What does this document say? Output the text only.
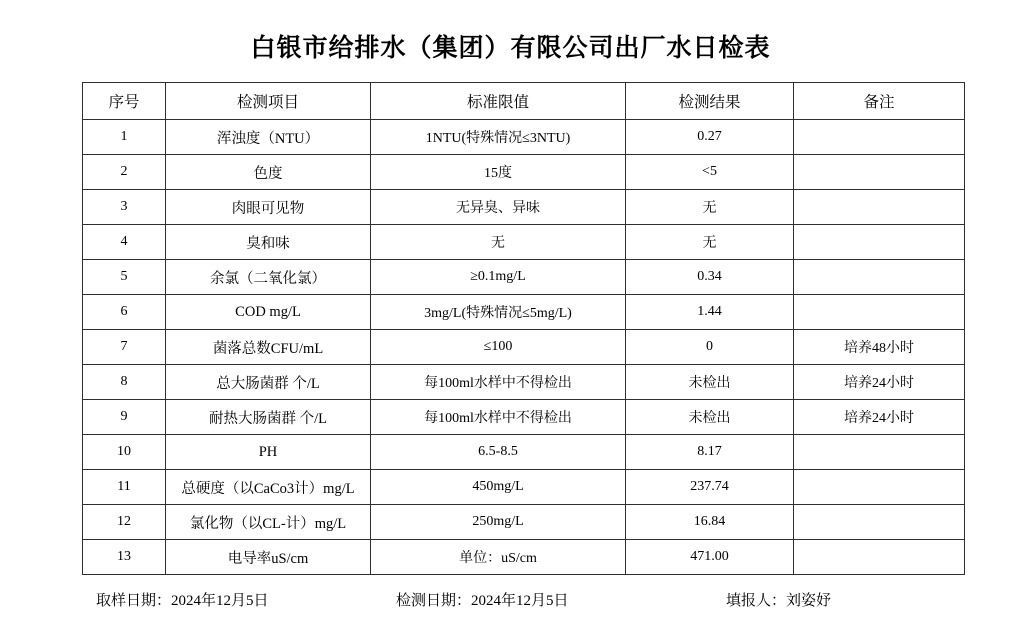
白银市给排水（集团）有限公司出厂水日检表
序号	检测项目	标准限值	检测结果	备注
1	浑浊度（NTU）	1NTU(特殊情况≤3NTU)	0.27	
2	色度	15度	<5	
3	肉眼可见物	无异臭、异味	无	
4	臭和味	无	无	
5	余氯（二氧化氯）	≥0.1mg/L	0.34	
6	COD mg/L	3mg/L(特殊情况≤5mg/L)	1.44	
7	菌落总数CFU/mL	≤100	0	培养48小时
8	总大肠菌群 个/L	每100ml水样中不得检出	未检出	培养24小时
9	耐热大肠菌群 个/L	每100ml水样中不得检出	未检出	培养24小时
10	PH	6.5-8.5	8.17	
11	总硬度（以CaCo3计）mg/L	450mg/L	237.74	
12	氯化物（以CL-计）mg/L	250mg/L	16.84	
13	电导率uS/cm	单位：uS/cm	471.00	
取样日期：2024年12月5日	检测日期：2024年12月5日	填报人：刘姿妤
